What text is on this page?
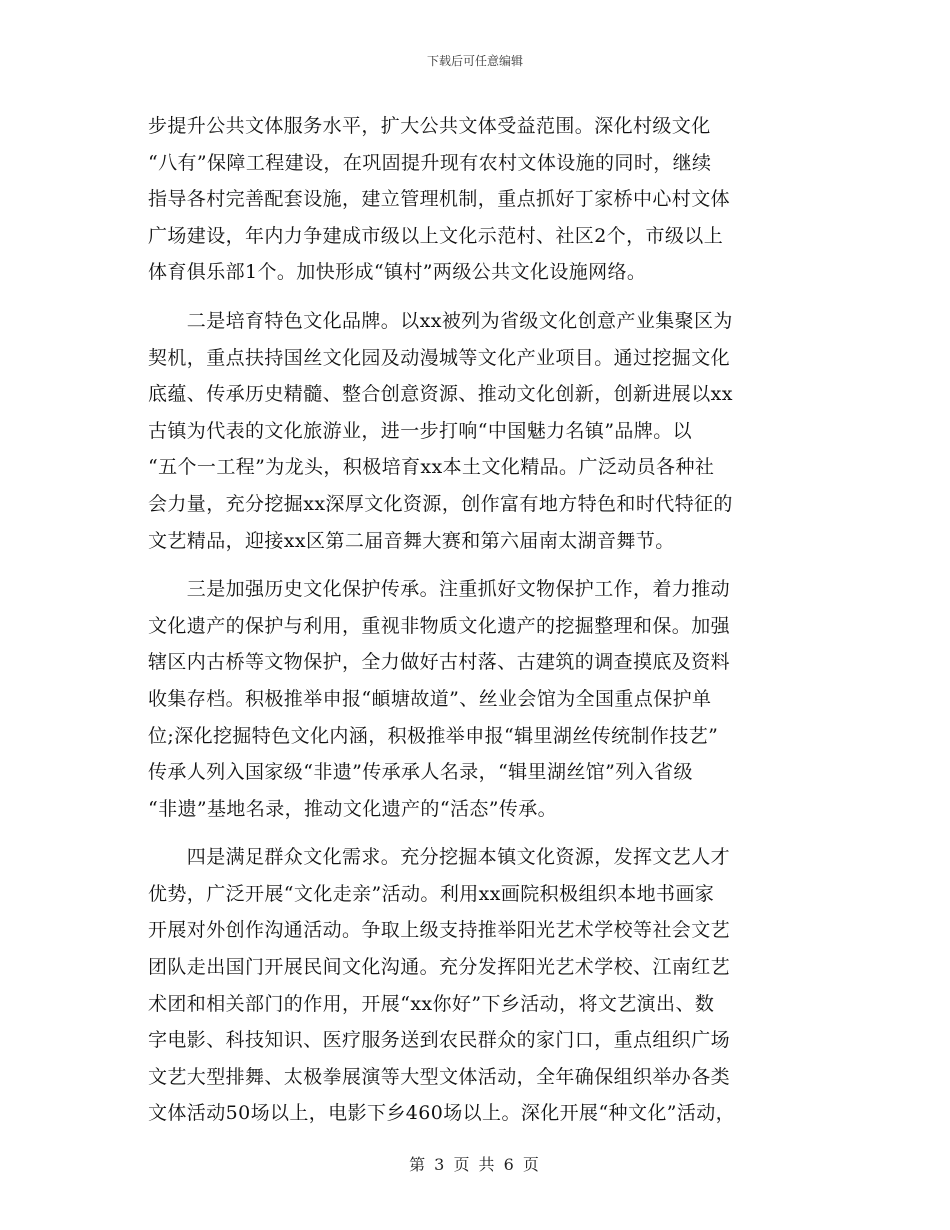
下载后可任意编辑
步提升公共文体服务水平，扩大公共文体受益范围。深化村级文化
“八有”保障工程建设，在巩固提升现有农村文体设施的同时，继续
指导各村完善配套设施，建立管理机制，重点抓好丁家桥中心村文体
广场建设，年内力争建成市级以上文化示范村、社区2个，市级以上
体育俱乐部1个。加快形成“镇村”两级公共文化设施网络。
　　二是培育特色文化品牌。以xx被列为省级文化创意产业集聚区为
契机，重点扶持国丝文化园及动漫城等文化产业项目。通过挖掘文化
底蕴、传承历史精髓、整合创意资源、推动文化创新，创新进展以xx
古镇为代表的文化旅游业，进一步打响“中国魅力名镇”品牌。以
“五个一工程”为龙头，积极培育xx本土文化精品。广泛动员各种社
会力量，充分挖掘xx深厚文化资源，创作富有地方特色和时代特征的
文艺精品，迎接xx区第二届音舞大赛和第六届南太湖音舞节。
　　三是加强历史文化保护传承。注重抓好文物保护工作，着力推动
文化遗产的保护与利用，重视非物质文化遗产的挖掘整理和保。加强
辖区内古桥等文物保护，全力做好古村落、古建筑的调查摸底及资料
收集存档。积极推举申报“頔塘故道”、丝业会馆为全国重点保护单
位;深化挖掘特色文化内涵，积极推举申报“辑里湖丝传统制作技艺”
传承人列入国家级“非遗”传承承人名录，“辑里湖丝馆”列入省级
“非遗”基地名录，推动文化遗产的“活态”传承。
　　四是满足群众文化需求。充分挖掘本镇文化资源，发挥文艺人才
优势，广泛开展“文化走亲”活动。利用xx画院积极组织本地书画家
开展对外创作沟通活动。争取上级支持推举阳光艺术学校等社会文艺
团队走出国门开展民间文化沟通。充分发挥阳光艺术学校、江南红艺
术团和相关部门的作用，开展“xx你好”下乡活动，将文艺演出、数
字电影、科技知识、医疗服务送到农民群众的家门口，重点组织广场
文艺大型排舞、太极拳展演等大型文体活动，全年确保组织举办各类
文体活动50场以上，电影下乡460场以上。深化开展“种文化”活动，
第 3 页 共 6 页
